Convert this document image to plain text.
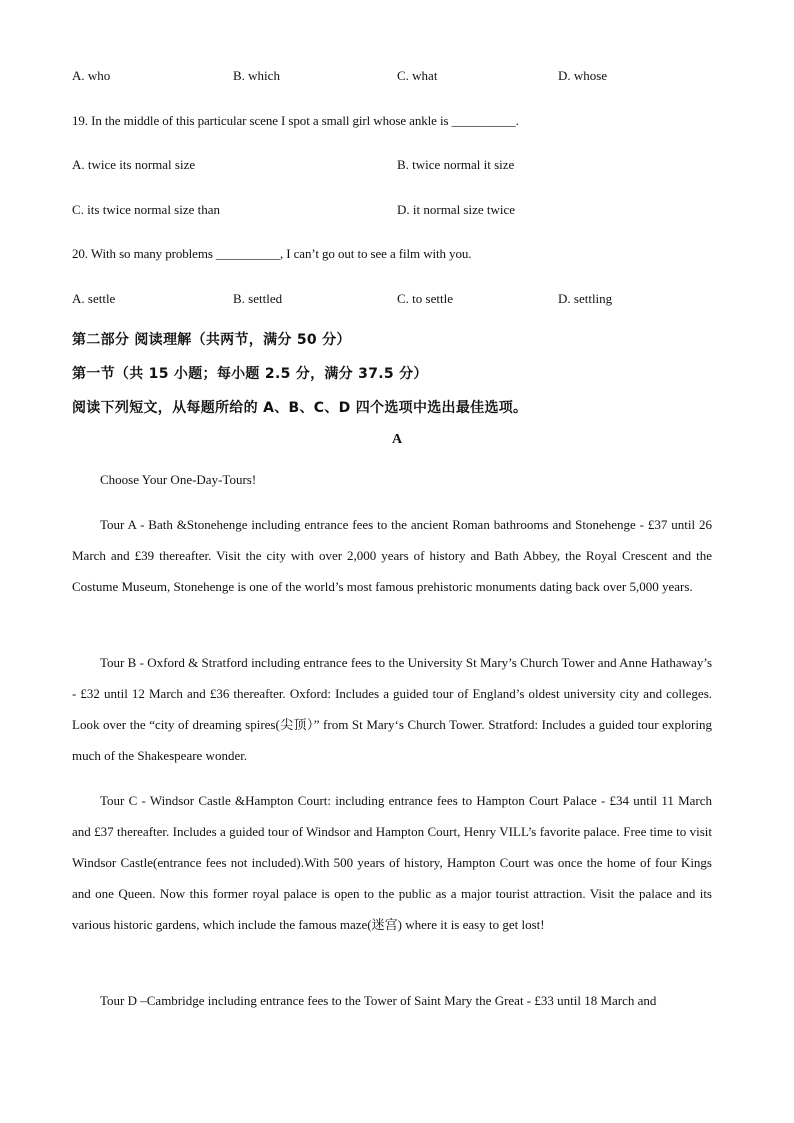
A. who	B. which	C. what	D. whose
19. In the middle of this particular scene I spot a small girl whose ankle is __________.
A. twice its normal size	B. twice normal it size
C. its twice normal size than	D. it normal size twice
20. With so many problems __________, I can’t go out to see a film with you.
A. settle	B. settled	C. to settle	D. settling
第二部分 阅读理解（共两节，满分 50 分）
第一节（共 15 小题；每小题 2.5 分，满分 37.5 分）
阅读下列短文，从每题所给的 A、B、C、D 四个选项中选出最佳选项。
A
Choose Your One-Day-Tours!
Tour A - Bath &Stonehenge including entrance fees to the ancient Roman bathrooms and Stonehenge - £37 until 26 March and £39 thereafter. Visit the city with over 2,000 years of history and Bath Abbey, the Royal Crescent and the Costume Museum, Stonehenge is one of the world’s most famous prehistoric monuments dating back over 5,000 years.
Tour B - Oxford & Stratford including entrance fees to the University St Mary’s Church Tower and Anne Hathaway’s - £32 until 12 March and £36 thereafter. Oxford: Includes a guided tour of England’s oldest university city and colleges. Look over the “city of dreaming spires(尖顶）” from St Mary‘s Church Tower. Stratford: Includes a guided tour exploring much of the Shakespeare wonder.
Tour C - Windsor Castle &Hampton Court: including entrance fees to Hampton Court Palace - £34 until 11 March and £37 thereafter. Includes a guided tour of Windsor and Hampton Court, Henry VILL’s favorite palace. Free time to visit Windsor Castle(entrance fees not included).With 500 years of history, Hampton Court was once the home of four Kings and one Queen. Now this former royal palace is open to the public as a major tourist attraction. Visit the palace and its various historic gardens, which include the famous maze(迷宫) where it is easy to get lost!
Tour D –Cambridge including entrance fees to the Tower of Saint Mary the Great - £33 until 18 March and
